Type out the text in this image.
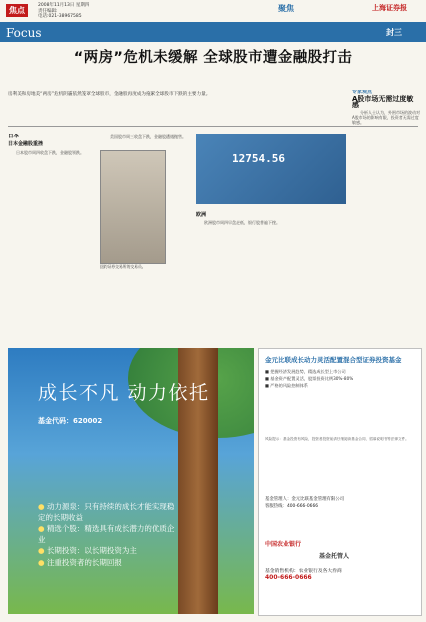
焦点
2008年11月13日 星期四
责任编辑:
电话:021-38967585
聚焦	上海证券报
Focus	封三
“两房”危机未缓解 全球股市遭金融股打击
房利美和房地美“两房”危机阴霾依然笼罩全球股市，金融股再度成为拖累全球股市下跌的主要力量。
日本
日本金融股重挫

日本股市周四收盘下跌，金融股领跌。

美国股市周三收盘下跌，金融股遭遇抛售。

纽约证券交易所的交易员。
12754.56
欧洲

欧洲股市周四早盘走低，银行股普遍下挫。

专家观点
A股市场无需过度敏感

分析人士认为，外围市场的波动对A股市场的影响有限，投资者无需过度敏感。

成长不凡 动力依托
基金代码：620002
● 动力源泉：只有持续的成长才能实现稳定的长期收益
● 精选个股：精选具有成长潜力的优质企业
● 长期投资：以长期投资为主
● 注重投资者的长期回报
金元比联成长动力灵活配置混合型证券投资基金
■ 把握经济发展趋势，精选成长型上市公司
■ 基金资产配置灵活，股票投资比例30%-80%
■ 严格的风险控制体系
风险提示：基金投资有风险，投资者投资前请仔细阅读基金合同、招募说明书等法律文件。
基金管理人：金元比联基金管理有限公司
客服热线：400-666-0666
中国农业银行
基金托管人
基金销售机构：农业银行及各大券商
400-666-0666
